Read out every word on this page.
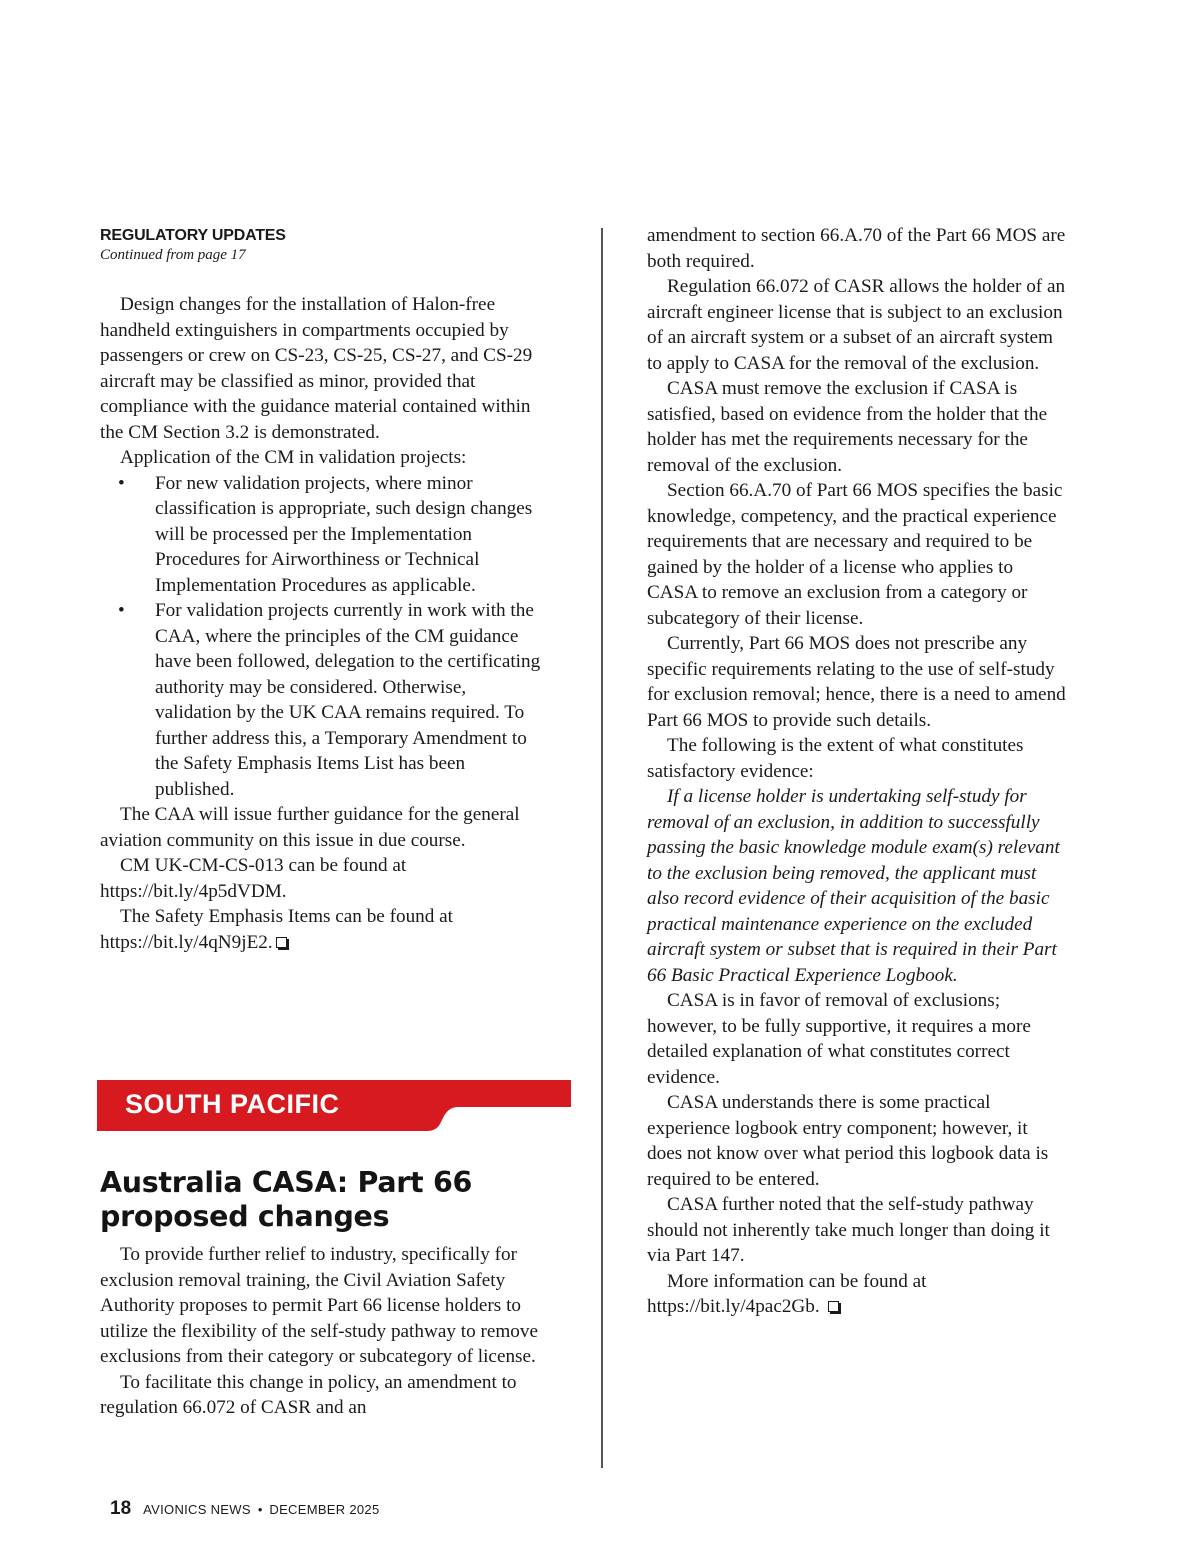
REGULATORY UPDATES
Continued from page 17

Design changes for the installation of Halon-free handheld extinguishers in compartments occupied by passengers or crew on CS-23, CS-25, CS-27, and CS-29 aircraft may be classified as minor, provided that compliance with the guidance material contained within the CM Section 3.2 is demonstrated.

Application of the CM in validation projects:

• For new validation projects, where minor classification is appropriate, such design changes will be processed per the Implementation Procedures for Airworthiness or Technical Implementation Procedures as applicable.
• For validation projects currently in work with the CAA, where the principles of the CM guidance have been followed, delegation to the certificating authority may be considered. Otherwise, validation by the UK CAA remains required. To further address this, a Temporary Amendment to the Safety Emphasis Items List has been published.

The CAA will issue further guidance for the general aviation community on this issue in due course.

CM UK-CM-CS-013 can be found at https://bit.ly/4p5dVDM.

The Safety Emphasis Items can be found at https://bit.ly/4qN9jE2.

SOUTH PACIFIC
Australia CASA: Part 66 proposed changes

To provide further relief to industry, specifically for exclusion removal training, the Civil Aviation Safety Authority proposes to permit Part 66 license holders to utilize the flexibility of the self-study pathway to remove exclusions from their category or subcategory of license.

To facilitate this change in policy, an amendment to regulation 66.072 of CASR and an

amendment to section 66.A.70 of the Part 66 MOS are both required.

Regulation 66.072 of CASR allows the holder of an aircraft engineer license that is subject to an exclusion of an aircraft system or a subset of an aircraft system to apply to CASA for the removal of the exclusion.

CASA must remove the exclusion if CASA is satisfied, based on evidence from the holder that the holder has met the requirements necessary for the removal of the exclusion.

Section 66.A.70 of Part 66 MOS specifies the basic knowledge, competency, and the practical experience requirements that are necessary and required to be gained by the holder of a license who applies to CASA to remove an exclusion from a category or subcategory of their license.

Currently, Part 66 MOS does not prescribe any specific requirements relating to the use of self-study for exclusion removal; hence, there is a need to amend Part 66 MOS to provide such details.

The following is the extent of what constitutes satisfactory evidence:

If a license holder is undertaking self-study for removal of an exclusion, in addition to successfully passing the basic knowledge module exam(s) relevant to the exclusion being removed, the applicant must also record evidence of their acquisition of the basic practical maintenance experience on the excluded aircraft system or subset that is required in their Part 66 Basic Practical Experience Logbook.

CASA is in favor of removal of exclusions; however, to be fully supportive, it requires a more detailed explanation of what constitutes correct evidence.

CASA understands there is some practical experience logbook entry component; however, it does not know over what period this logbook data is required to be entered.

CASA further noted that the self-study pathway should not inherently take much longer than doing it via Part 147.

More information can be found at https://bit.ly/4pac2Gb.

18 AVIONICS NEWS • DECEMBER 2025
